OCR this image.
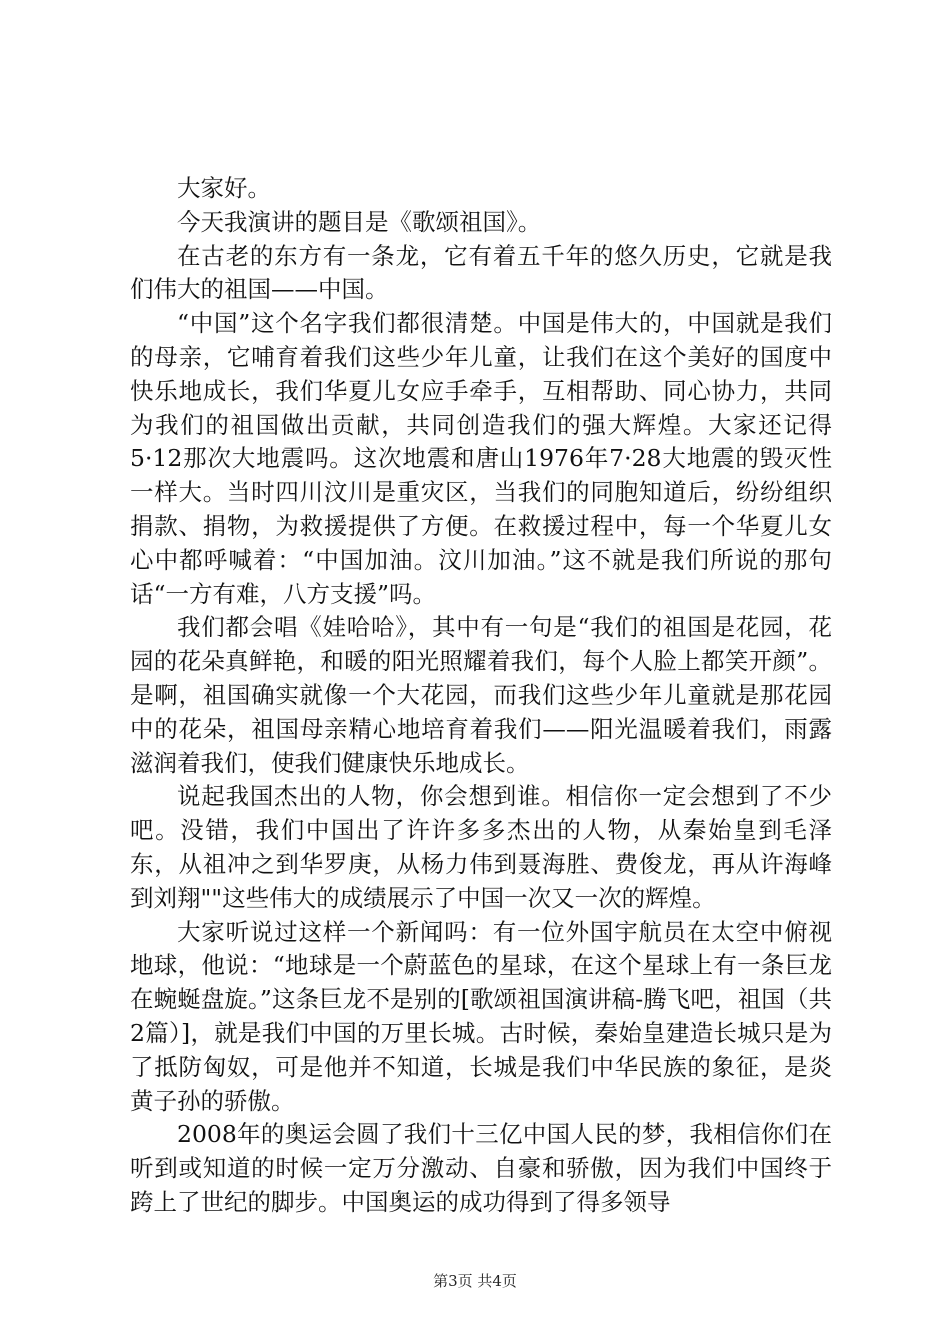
大家好。

今天我演讲的题目是《歌颂祖国》。

在古老的东方有一条龙，它有着五千年的悠久历史，它就是我们伟大的祖国——中国。

“中国”这个名字我们都很清楚。中国是伟大的，中国就是我们的母亲，它哺育着我们这些少年儿童，让我们在这个美好的国度中快乐地成长，我们华夏儿女应手牵手，互相帮助、同心协力，共同为我们的祖国做出贡献，共同创造我们的强大辉煌。大家还记得5·12那次大地震吗。这次地震和唐山1976年7·28大地震的毁灭性一样大。当时四川汶川是重灾区，当我们的同胞知道后，纷纷组织捐款、捐物，为救援提供了方便。在救援过程中，每一个华夏儿女心中都呼喊着：“中国加油。汶川加油。”这不就是我们所说的那句话“一方有难，八方支援”吗。

我们都会唱《娃哈哈》，其中有一句是“我们的祖国是花园，花园的花朵真鲜艳，和暖的阳光照耀着我们，每个人脸上都笑开颜”。是啊，祖国确实就像一个大花园，而我们这些少年儿童就是那花园中的花朵，祖国母亲精心地培育着我们——阳光温暖着我们，雨露滋润着我们，使我们健康快乐地成长。

说起我国杰出的人物，你会想到谁。相信你一定会想到了不少吧。没错，我们中国出了许许多多杰出的人物，从秦始皇到毛泽东，从祖冲之到华罗庚，从杨力伟到聂海胜、费俊龙，再从许海峰到刘翔""这些伟大的成绩展示了中国一次又一次的辉煌。

大家听说过这样一个新闻吗：有一位外国宇航员在太空中俯视地球，他说：“地球是一个蔚蓝色的星球，在这个星球上有一条巨龙在蜿蜒盘旋。”这条巨龙不是别的[歌颂祖国演讲稿-腾飞吧，祖国（共2篇）]，就是我们中国的万里长城。古时候，秦始皇建造长城只是为了抵防匈奴，可是他并不知道，长城是我们中华民族的象征，是炎黄子孙的骄傲。

2008年的奥运会圆了我们十三亿中国人民的梦，我相信你们在听到或知道的时候一定万分激动、自豪和骄傲，因为我们中国终于跨上了世纪的脚步。中国奥运的成功得到了得多领导

第3页 共4页
